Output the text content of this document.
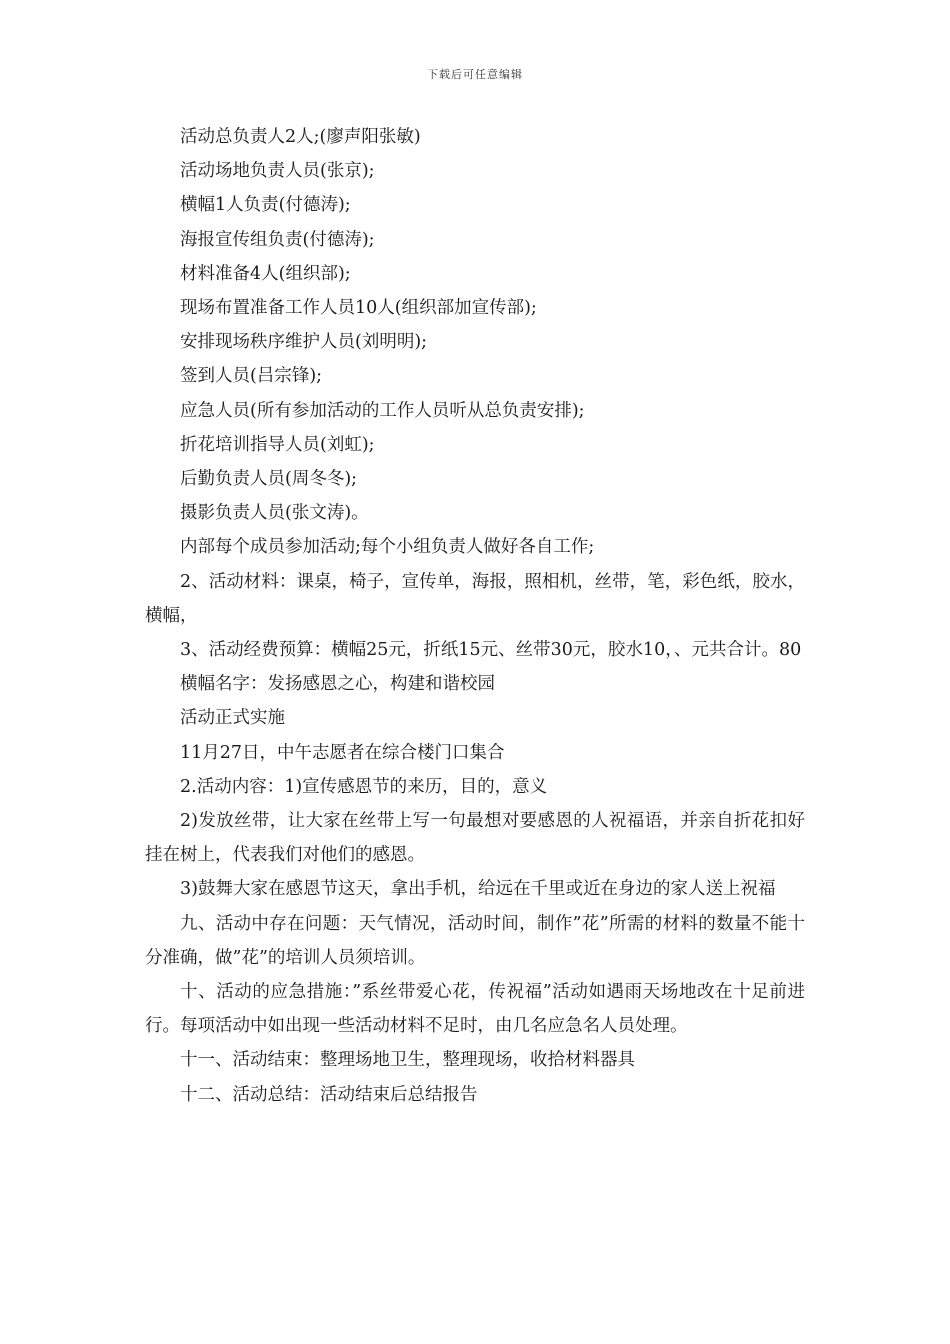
下载后可任意编辑

活动总负责人2人;(廖声阳张敏)

活动场地负责人员(张京);

横幅1人负责(付德涛);

海报宣传组负责(付德涛);

材料准备4人(组织部);

现场布置准备工作人员10人(组织部加宣传部);

安排现场秩序维护人员(刘明明);

签到人员(吕宗锋);

应急人员(所有参加活动的工作人员听从总负责安排);

折花培训指导人员(刘虹);

后勤负责人员(周冬冬);

摄影负责人员(张文涛)。

内部每个成员参加活动;每个小组负责人做好各自工作;

2、活动材料：课桌，椅子，宣传单，海报，照相机，丝带，笔，彩色纸，胶水，横幅，

3、活动经费预算：横幅25元，折纸15元、丝带30元，胶水10，、元共合计。80

横幅名字：发扬感恩之心，构建和谐校园

活动正式实施

11月27日，中午志愿者在综合楼门口集合

2.活动内容：1)宣传感恩节的来历，目的，意义

2)发放丝带，让大家在丝带上写一句最想对要感恩的人祝福语，并亲自折花扣好挂在树上，代表我们对他们的感恩。

3)鼓舞大家在感恩节这天，拿出手机，给远在千里或近在身边的家人送上祝福

九、活动中存在问题：天气情况，活动时间，制作”花”所需的材料的数量不能十分准确，做”花”的培训人员须培训。

十、活动的应急措施：”系丝带爱心花，传祝福”活动如遇雨天场地改在十足前进行。每项活动中如出现一些活动材料不足时，由几名应急名人员处理。

十一、活动结束：整理场地卫生，整理现场，收拾材料器具

十二、活动总结：活动结束后总结报告
